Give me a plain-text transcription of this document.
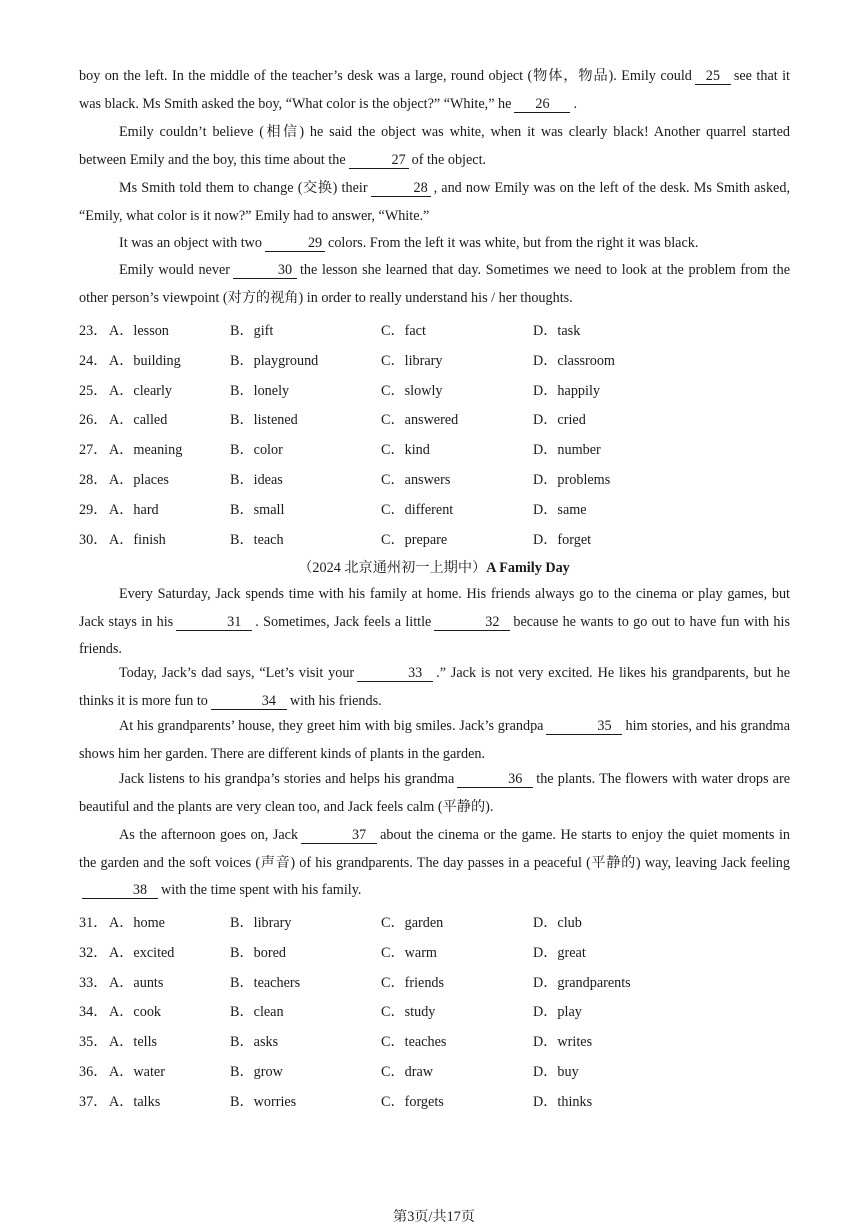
boy on the left. In the middle of the teacher’s desk was a large, round object (物体，物品). Emily could 25 see that it was black. Ms Smith asked the boy, “What color is the object?” “White,” he 26 .

Emily couldn’t believe (相信) he said the object was white, when it was clearly black! Another quarrel started between Emily and the boy, this time about the	27 of the object.

Ms Smith told them to change (交换) their	28 , and now Emily was on the left of the desk. Ms Smith asked, “Emily, what color is it now?” Emily had to answer, “White.”

It was an object with two	29 colors. From the left it was white, but from the right it was black.

Emily would never	30 the lesson she learned that day. Sometimes we need to look at the problem from the other person’s viewpoint (对方的视角) in order to really understand his / her thoughts.

23． A．lesson	B．gift	C．fact	D．task
24． A．building	B．playground	C．library	D．classroom
25． A．clearly	B．lonely	C．slowly	D．happily
26． A．called	B．listened	C．answered	D．cried
27． A．meaning	B．color	C．kind	D．number
28． A．places	B．ideas	C．answers	D．problems
29． A．hard	B．small	C．different	D．same
30． A．finish	B．teach	C．prepare	D．forget
（2024 北京通州初一上期中）A Family Day

Every Saturday, Jack spends time with his family at home. His friends always go to the cinema or play games, but Jack stays in his	31 . Sometimes, Jack feels a little	32 because he wants to go out to have fun with his friends.

Today, Jack’s dad says, “Let’s visit your	33 .” Jack is not very excited. He likes his grandparents, but he thinks it is more fun to	34 with his friends.

At his grandparents’ house, they greet him with big smiles. Jack’s grandpa	35 him stories, and his grandma shows him her garden. There are different kinds of plants in the garden.

Jack listens to his grandpa’s stories and helps his grandma	36 the plants. The flowers with water drops are beautiful and the plants are very clean too, and Jack feels calm (平静的).

As the afternoon goes on, Jack	37 about the cinema or the game. He starts to enjoy the quiet moments in the garden and the soft voices (声音) of his grandparents. The day passes in a peaceful (平静的) way, leaving Jack feeling38 with the time spent with his family.

31． A．home	B．library	C．garden	D．club
32． A．excited	B．bored	C．warm	D．great
33． A．aunts	B．teachers	C．friends	D．grandparents
34． A．cook	B．clean	C．study	D．play
35． A．tells	B．asks	C．teaches	D．writes
36． A．water	B．grow	C．draw	D．buy
37． A．talks	B．worries	C．forgets	D．thinks
第3页/共17页
